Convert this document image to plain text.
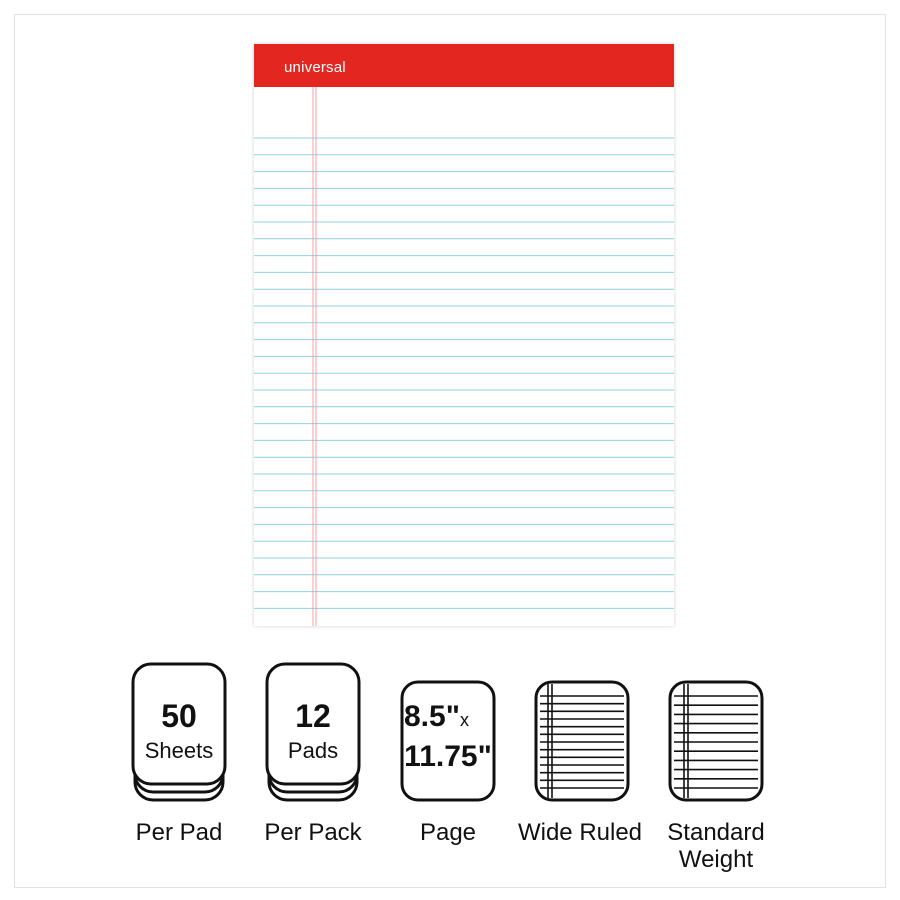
universal
50
Sheets
12
Pads
8.5"x
11.75"
Per Pad	Per Pack	Page	Wide Ruled	Standard
Weight
